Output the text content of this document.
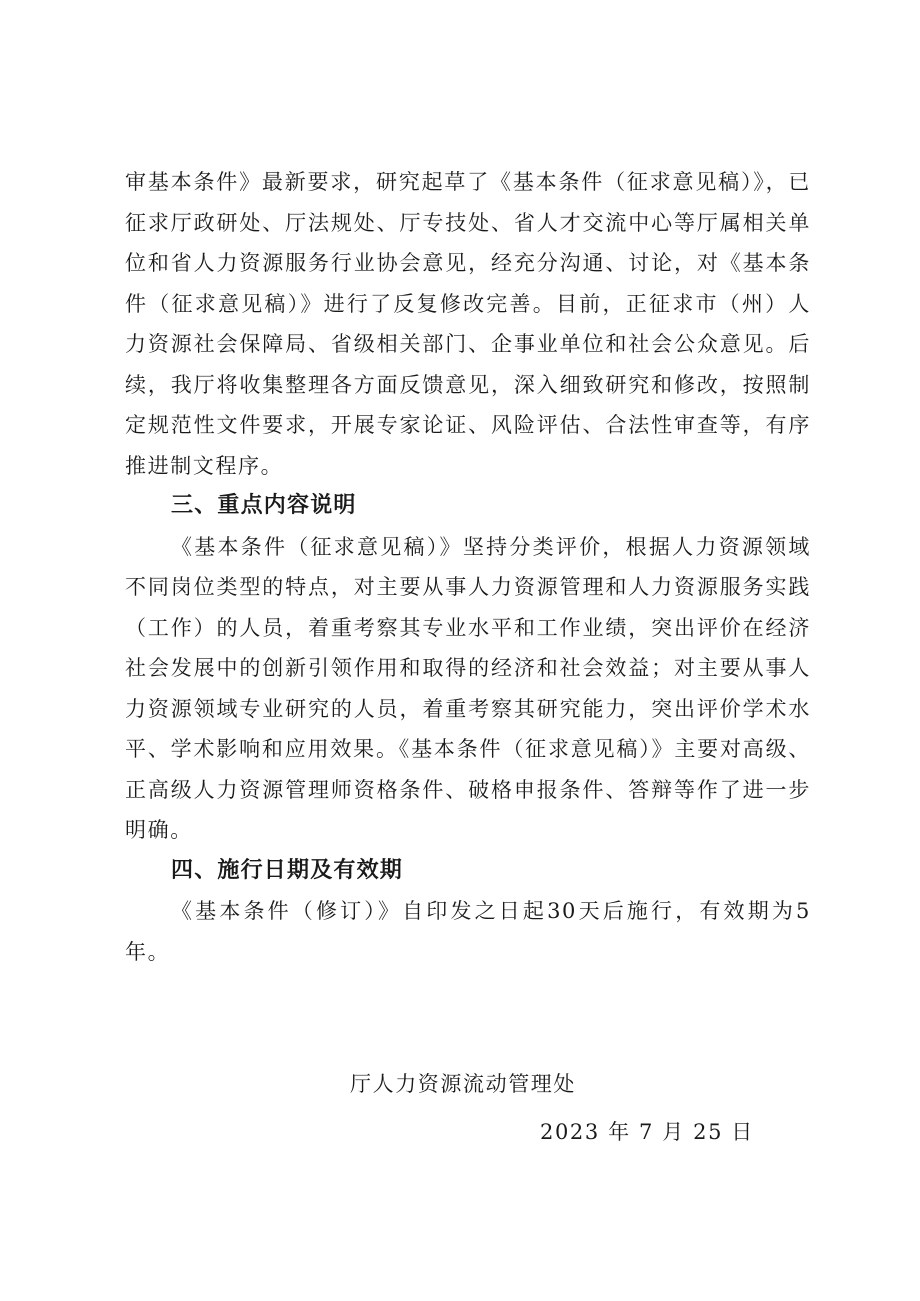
审基本条件》最新要求，研究起草了《基本条件（征求意见稿）》，已征求厅政研处、厅法规处、厅专技处、省人才交流中心等厅属相关单位和省人力资源服务行业协会意见，经充分沟通、讨论，对《基本条件（征求意见稿）》进行了反复修改完善。目前，正征求市（州）人力资源社会保障局、省级相关部门、企事业单位和社会公众意见。后续，我厅将收集整理各方面反馈意见，深入细致研究和修改，按照制定规范性文件要求，开展专家论证、风险评估、合法性审查等，有序推进制文程序。

三、重点内容说明

《基本条件（征求意见稿）》坚持分类评价，根据人力资源领域不同岗位类型的特点，对主要从事人力资源管理和人力资源服务实践（工作）的人员，着重考察其专业水平和工作业绩，突出评价在经济社会发展中的创新引领作用和取得的经济和社会效益；对主要从事人力资源领域专业研究的人员，着重考察其研究能力，突出评价学术水平、学术影响和应用效果。《基本条件（征求意见稿）》主要对高级、正高级人力资源管理师资格条件、破格申报条件、答辩等作了进一步明确。

四、施行日期及有效期

《基本条件（修订）》自印发之日起30天后施行，有效期为5年。

厅人力资源流动管理处
2023 年 7 月 25 日
